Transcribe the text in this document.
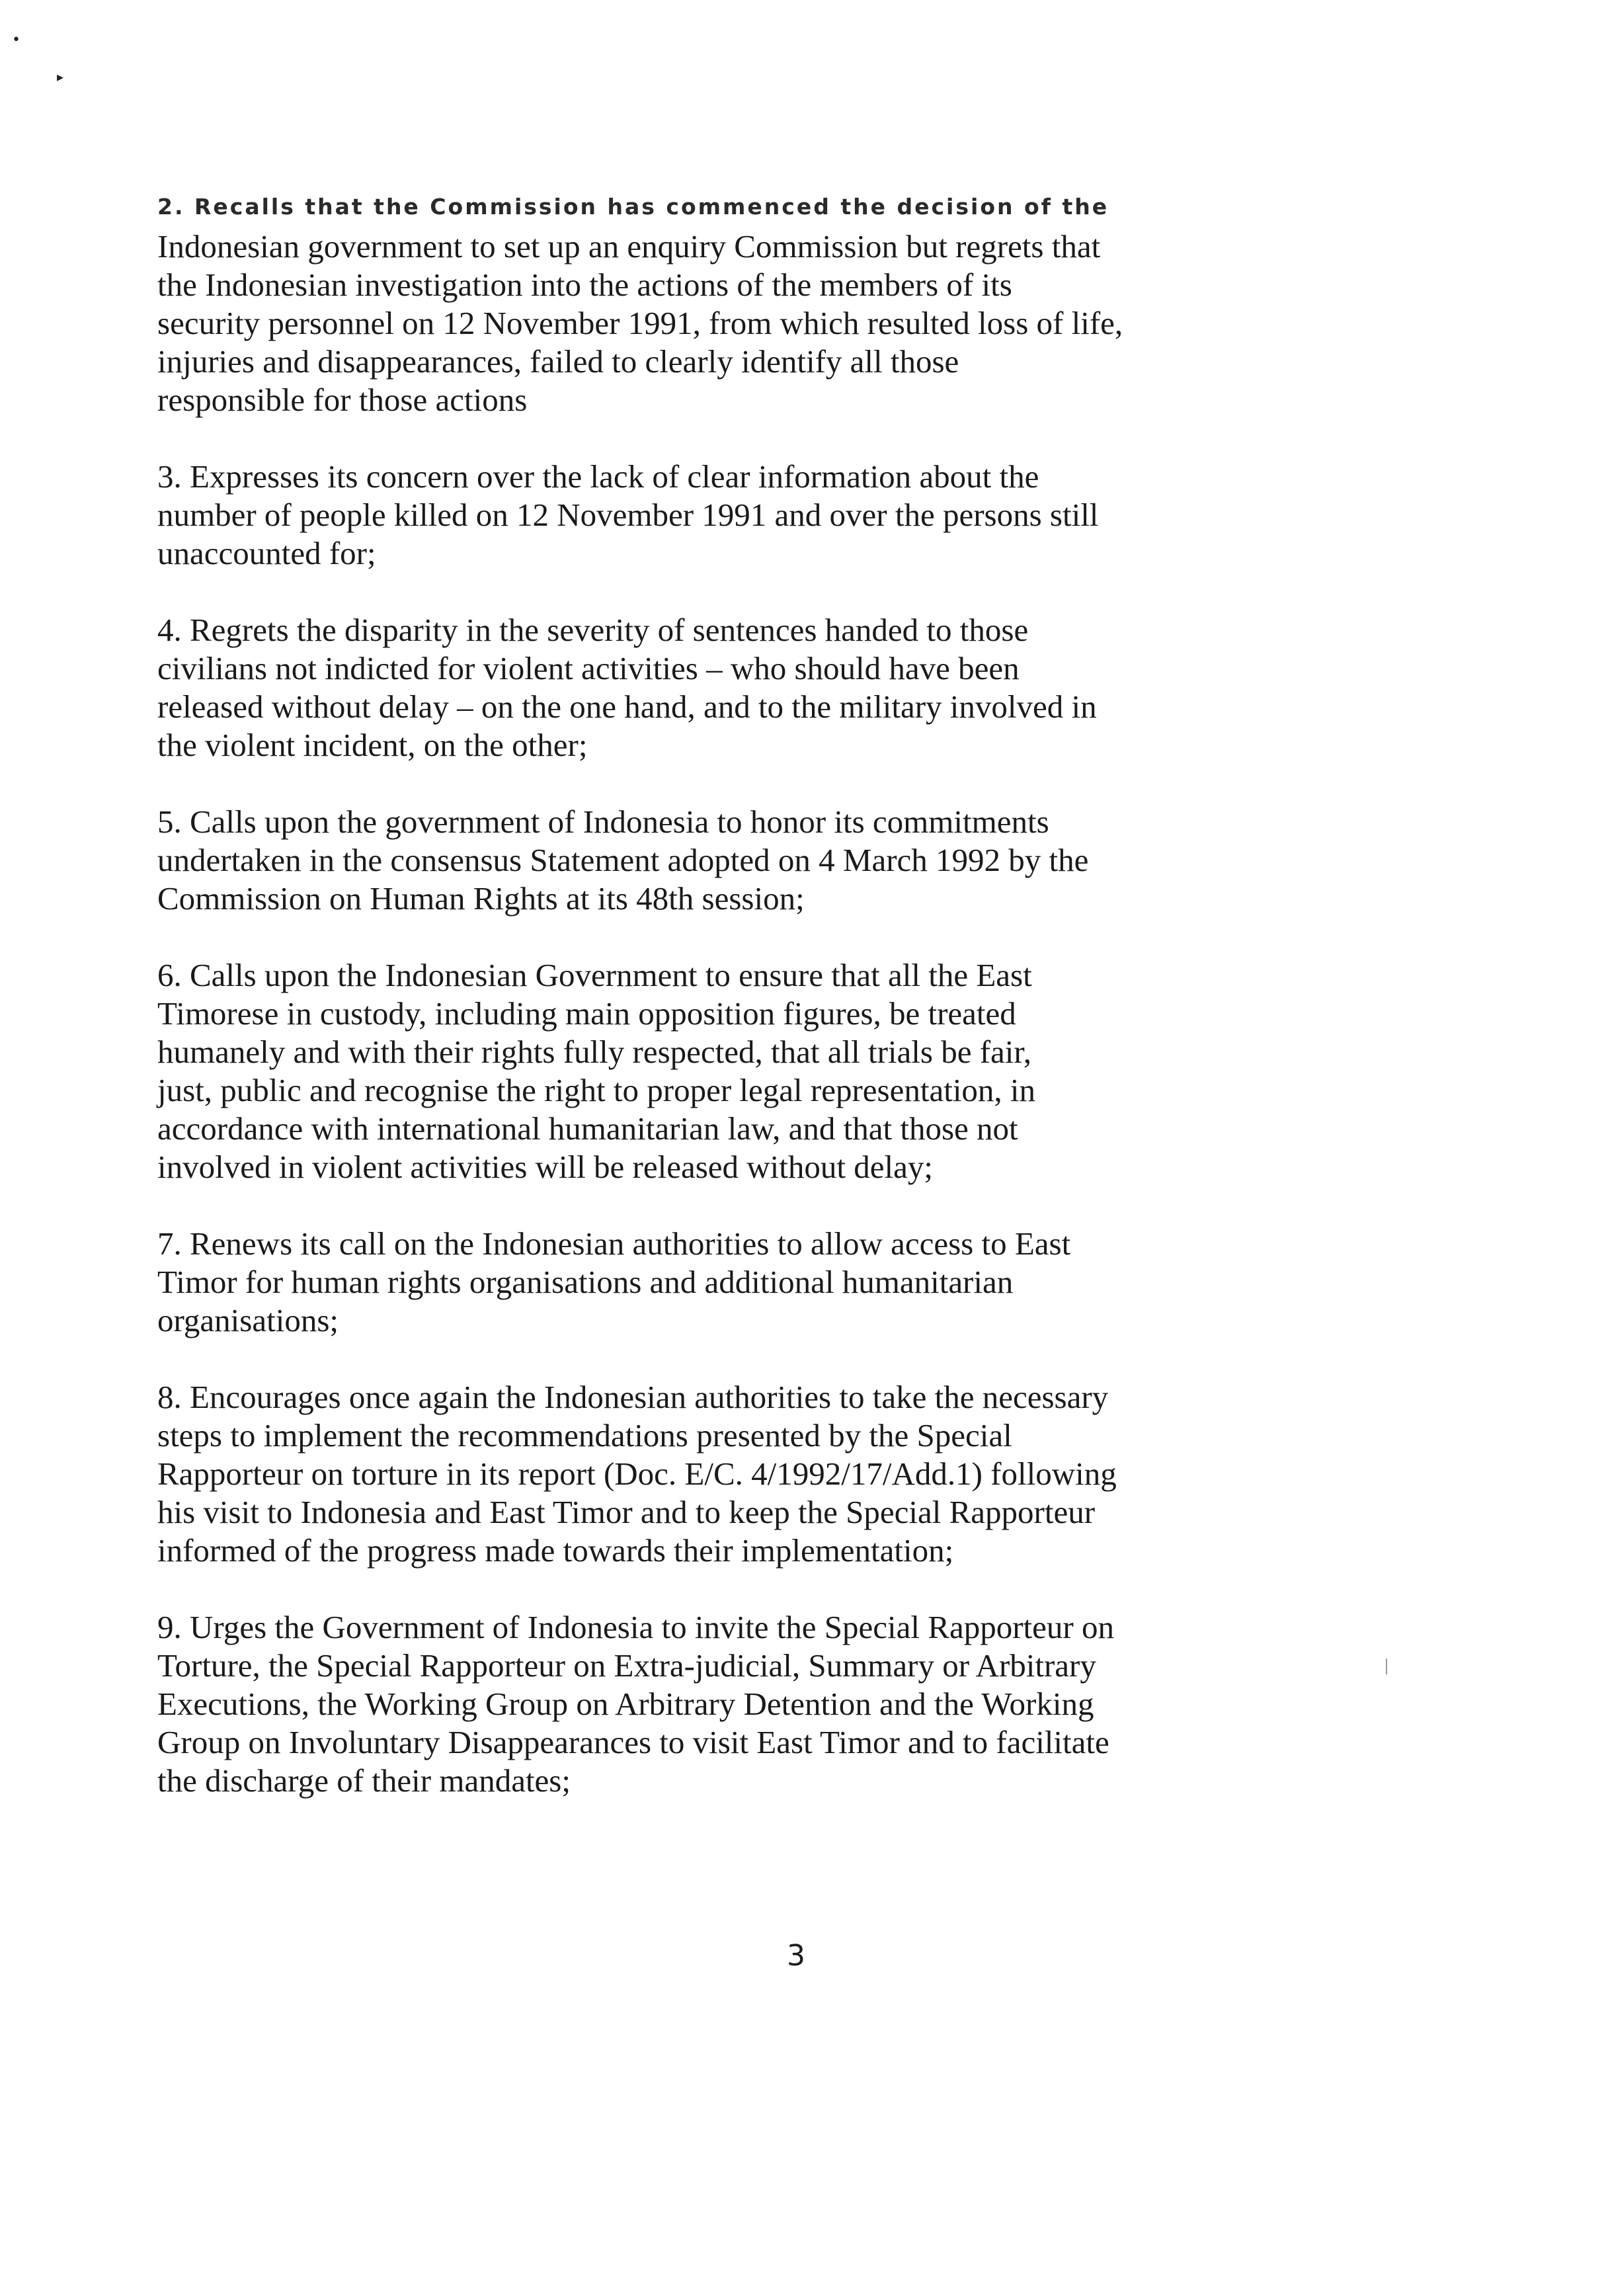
•
▸

2. Recalls that the Commission has commenced the decision of the
Indonesian government to set up an enquiry Commission but regrets that
the Indonesian investigation into the actions of the members of its
security personnel on 12 November 1991, from which resulted loss of life,
injuries and disappearances, failed to clearly identify all those
responsible for those actions

3. Expresses its concern over the lack of clear information about the
number of people killed on 12 November 1991 and over the persons still
unaccounted for;

4. Regrets the disparity in the severity of sentences handed to those
civilians not indicted for violent activities – who should have been
released without delay – on the one hand, and to the military involved in
the violent incident, on the other;

5. Calls upon the government of Indonesia to honor its commitments
undertaken in the consensus Statement adopted on 4 March 1992 by the
Commission on Human Rights at its 48th session;

6. Calls upon the Indonesian Government to ensure that all the East
Timorese in custody, including main opposition figures, be treated
humanely and with their rights fully respected, that all trials be fair,
just, public and recognise the right to proper legal representation, in
accordance with international humanitarian law, and that those not
involved in violent activities will be released without delay;

7. Renews its call on the Indonesian authorities to allow access to East
Timor for human rights organisations and additional humanitarian
organisations;

8. Encourages once again the Indonesian authorities to take the necessary
steps to implement the recommendations presented by the Special
Rapporteur on torture in its report (Doc. E/C. 4/1992/17/Add.1) following
his visit to Indonesia and East Timor and to keep the Special Rapporteur
informed of the progress made towards their implementation;

9. Urges the Government of Indonesia to invite the Special Rapporteur on
Torture, the Special Rapporteur on Extra-judicial, Summary or Arbitrary
Executions, the Working Group on Arbitrary Detention and the Working
Group on Involuntary Disappearances to visit East Timor and to facilitate
the discharge of their mandates;

3
